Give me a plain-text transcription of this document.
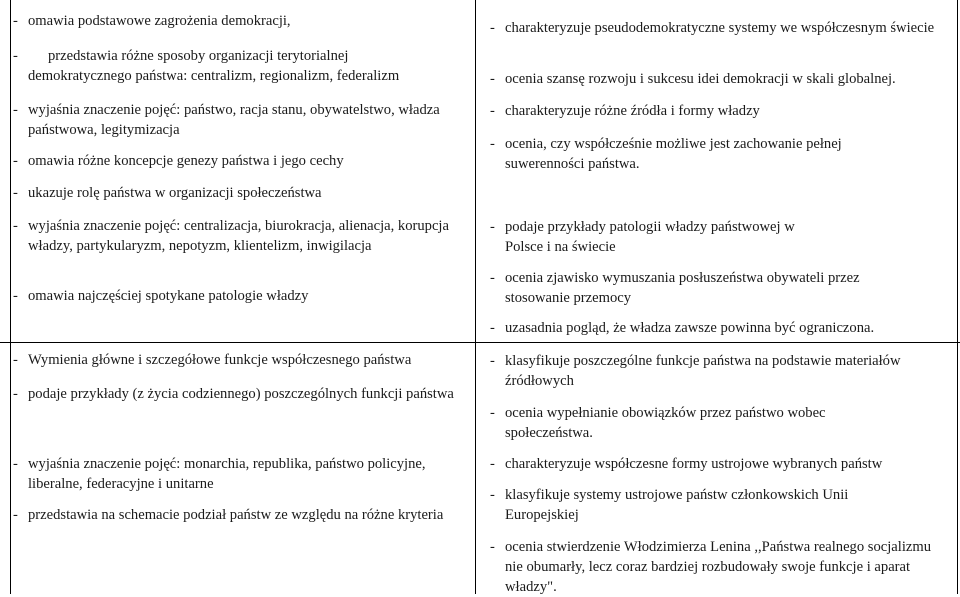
- omawia podstawowe zagrożenia demokracji,
-	przedstawia różne sposoby organizacji terytorialnej demokratycznego państwa: centralizm, regionalizm, federalizm
- wyjaśnia znaczenie pojęć: państwo, racja stanu, obywatelstwo, władza państwowa, legitymizacja
- omawia różne koncepcje genezy państwa i jego cechy
- ukazuje rolę państwa w organizacji społeczeństwa
- wyjaśnia znaczenie pojęć: centralizacja, biurokracja, alienacja, korupcja władzy, partykularyzm, nepotyzm, klientelizm, inwigilacja
- omawia najczęściej spotykane patologie władzy
- Wymienia główne i szczegółowe funkcje współczesnego państwa
- podaje przykłady (z życia codziennego) poszczególnych funkcji państwa
- wyjaśnia znaczenie pojęć: monarchia, republika, państwo policyjne, liberalne, federacyjne i unitarne
- przedstawia na schemacie podział państw ze względu na różne kryteria
- charakteryzuje pseudodemokratyczne systemy we współczesnym świecie
- ocenia szansę rozwoju i sukcesu idei demokracji w skali globalnej.
- charakteryzuje różne źródła i formy władzy
- ocenia, czy współcześnie możliwe jest zachowanie pełnej suwerenności państwa.
- podaje przykłady patologii władzy państwowej w Polsce i na świecie
- ocenia zjawisko wymuszania posłuszeństwa obywateli przez stosowanie przemocy
- uzasadnia pogląd, że władza zawsze powinna być ograniczona.
- klasyfikuje poszczególne funkcje państwa na podstawie materiałów źródłowych
- ocenia wypełnianie obowiązków przez państwo wobec społeczeństwa.
- charakteryzuje współczesne formy ustrojowe wybranych państw
- klasyfikuje systemy ustrojowe państw członkowskich Unii Europejskiej
- ocenia stwierdzenie Włodzimierza Lenina ,,Państwa realnego socjalizmu nie obumarły, lecz coraz bardziej rozbudowały swoje funkcje i aparat władzy".
